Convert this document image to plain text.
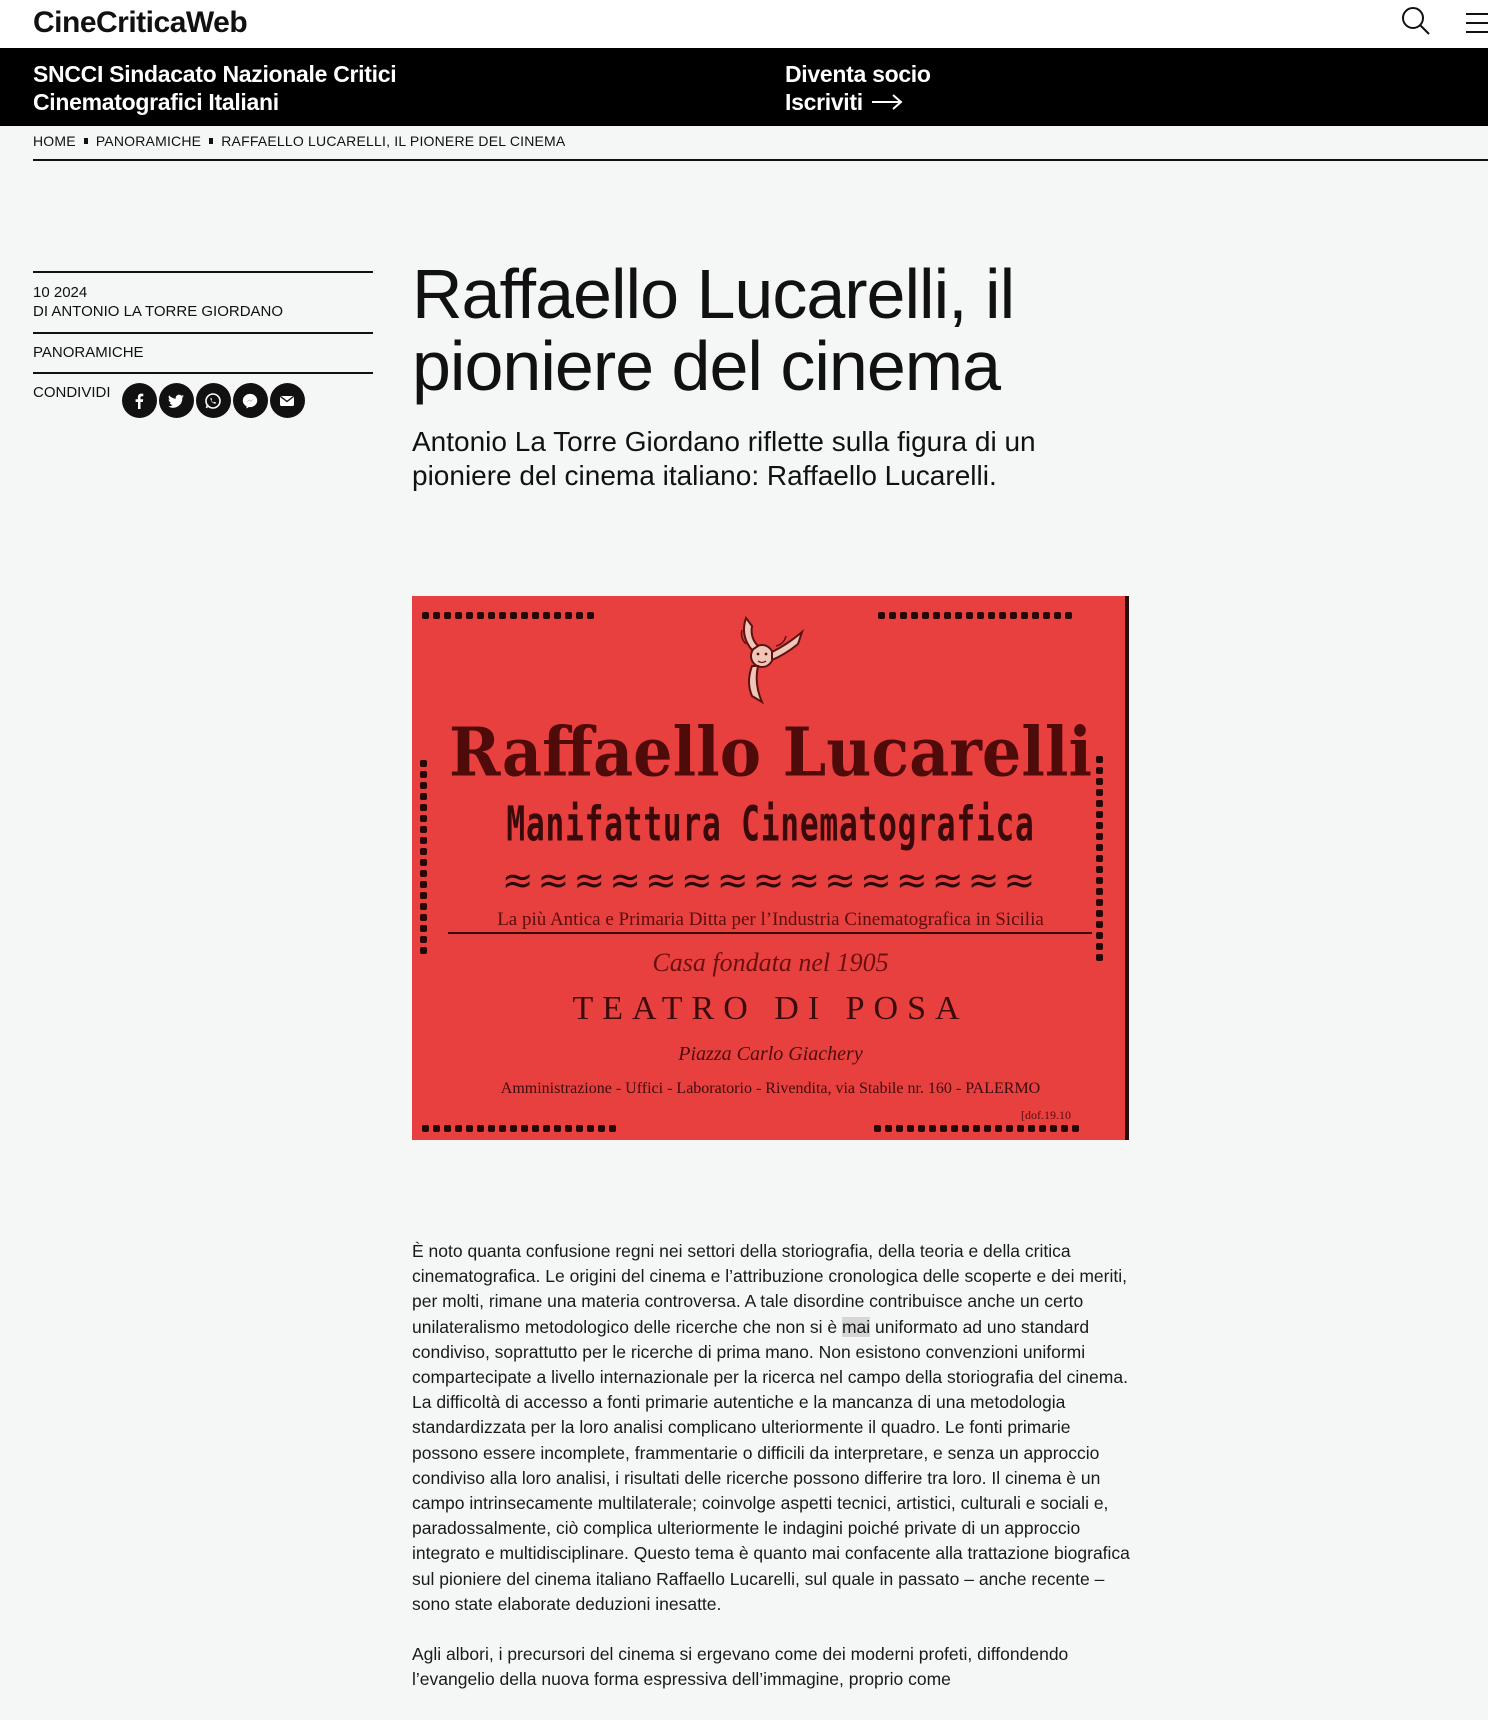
CineCriticaWeb
SNCCI Sindacato Nazionale Critici
Cinematografici Italiani
Diventa socio
Iscriviti
HOME PANORAMICHE RAFFAELLO LUCARELLI, IL PIONERE DEL CINEMA
10 2024
DI ANTONIO LA TORRE GIORDANO
PANORAMICHE
CONDIVIDI
Raffaello Lucarelli, il pioniere del cinema
Antonio La Torre Giordano riflette sulla figura di un pioniere del cinema italiano: Raffaello Lucarelli.
Raffaello Lucarelli
Manifattura Cinematografica
≈≈≈≈≈≈≈≈≈≈≈≈≈≈≈
La più Antica e Primaria Ditta per l’Industria Cinematografica in Sicilia
Casa fondata nel 1905
TEATRO DI POSA
Piazza Carlo Giachery
Amministrazione - Uffici - Laboratorio - Rivendita, via Stabile nr. 160 - PALERMO
[dof.19.10

È noto quanta confusione regni nei settori della storiografia, della teoria e della critica cinematografica. Le origini del cinema e l’attribuzione cronologica delle scoperte e dei meriti, per molti, rimane una materia controversa. A tale disordine contribuisce anche un certo unilateralismo metodologico delle ricerche che non si è mai uniformato ad uno standard condiviso, soprattutto per le ricerche di prima mano. Non esistono convenzioni uniformi compartecipate a livello internazionale per la ricerca nel campo della storiografia del cinema. La difficoltà di accesso a fonti primarie autentiche e la mancanza di una metodologia standardizzata per la loro analisi complicano ulteriormente il quadro. Le fonti primarie possono essere incomplete, frammentarie o difficili da interpretare, e senza un approccio condiviso alla loro analisi, i risultati delle ricerche possono differire tra loro. Il cinema è un campo intrinsecamente multilaterale; coinvolge aspetti tecnici, artistici, culturali e sociali e, paradossalmente, ciò complica ulteriormente le indagini poiché private di un approccio integrato e multidisciplinare. Questo tema è quanto mai confacente alla trattazione biografica sul pioniere del cinema italiano Raffaello Lucarelli, sul quale in passato – anche recente – sono state elaborate deduzioni inesatte.

Agli albori, i precursori del cinema si ergevano come dei moderni profeti, diffondendo l’evangelio della nuova forma espressiva dell’immagine, proprio come
